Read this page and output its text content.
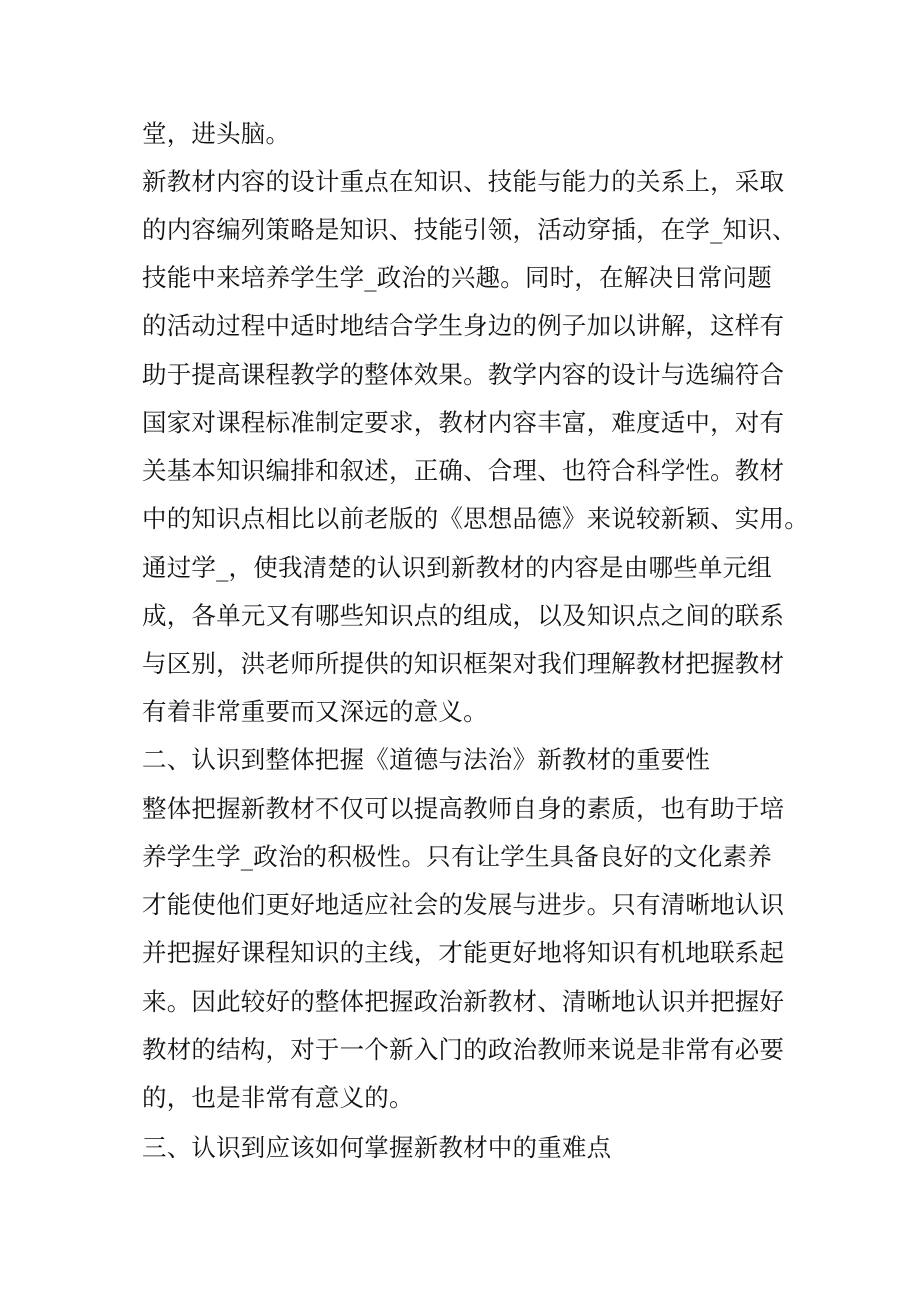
堂，进头脑。
新教材内容的设计重点在知识、技能与能力的关系上，采取
的内容编列策略是知识、技能引领，活动穿插，在学_知识、
技能中来培养学生学_政治的兴趣。同时，在解决日常问题
的活动过程中适时地结合学生身边的例子加以讲解，这样有
助于提高课程教学的整体效果。教学内容的设计与选编符合
国家对课程标准制定要求，教材内容丰富，难度适中，对有
关基本知识编排和叙述，正确、合理、也符合科学性。教材
中的知识点相比以前老版的《思想品德》来说较新颖、实用。
通过学_，使我清楚的认识到新教材的内容是由哪些单元组
成，各单元又有哪些知识点的组成，以及知识点之间的联系
与区别，洪老师所提供的知识框架对我们理解教材把握教材
有着非常重要而又深远的意义。
二、认识到整体把握《道德与法治》新教材的重要性
整体把握新教材不仅可以提高教师自身的素质，也有助于培
养学生学_政治的积极性。只有让学生具备良好的文化素养
才能使他们更好地适应社会的发展与进步。只有清晰地认识
并把握好课程知识的主线，才能更好地将知识有机地联系起
来。因此较好的整体把握政治新教材、清晰地认识并把握好
教材的结构，对于一个新入门的政治教师来说是非常有必要
的，也是非常有意义的。
三、认识到应该如何掌握新教材中的重难点
